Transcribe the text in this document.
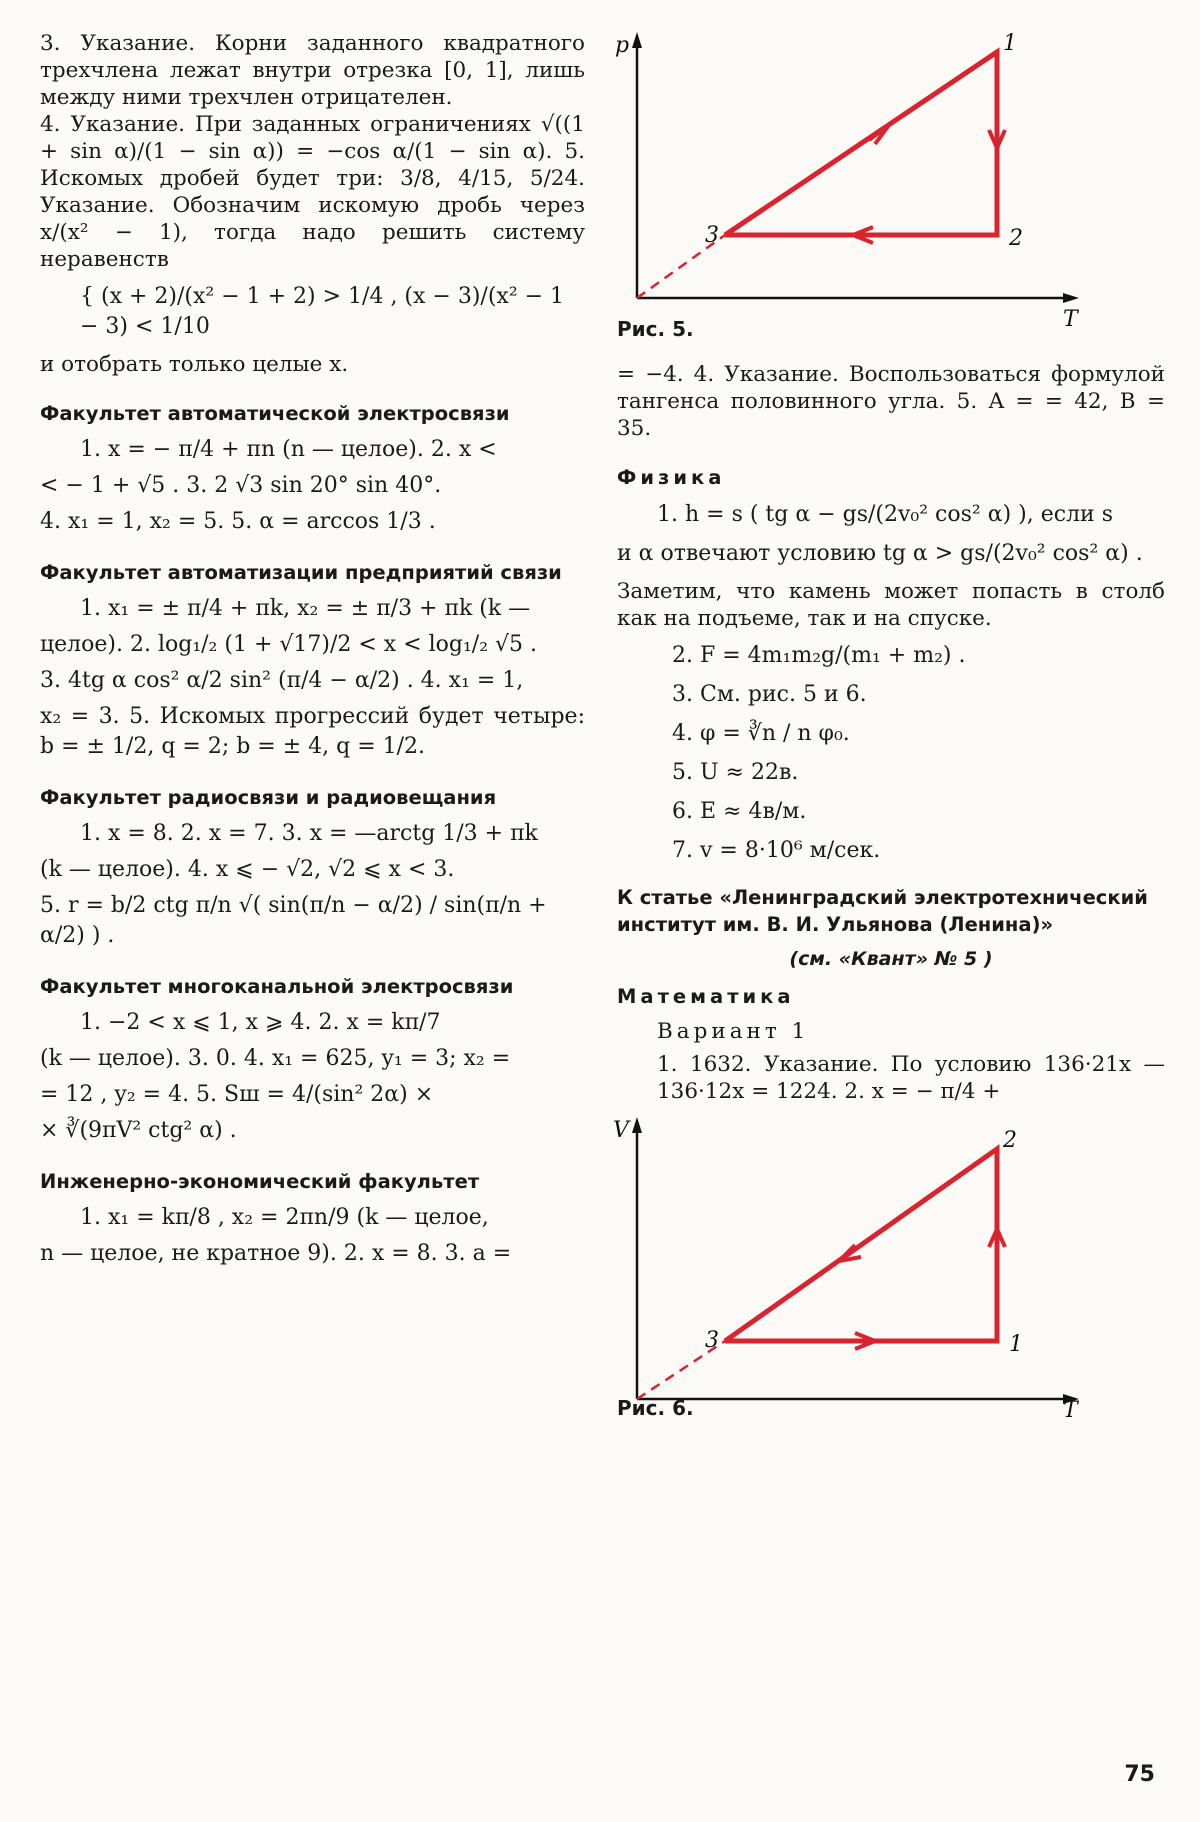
3. Указание. Корни заданного квадратного трехчлена лежат внутри отрезка [0, 1], лишь между ними трехчлен отрицателен.

4. Указание. При заданных ограничениях √((1 + sin α)/(1 − sin α)) = −cos α/(1 − sin α). 5. Искомых дробей будет три: 3/8, 4/15, 5/24. Указание. Обозначим искомую дробь через x/(x² − 1), тогда надо решить систему неравенств

{ (x + 2)/(x² − 1 + 2) > 1/4 , (x − 3)/(x² − 1 − 3) < 1/10

и отобрать только целые x.

Факультет автоматической электросвязи
1. x = − π/4 + πn (n — целое). 2. x <
< − 1 + √5 . 3. 2 √3 sin 20° sin 40°.
4. x₁ = 1, x₂ = 5. 5. α = arccos 1/3 .
Факультет автоматизации предприятий связи
1. x₁ = ± π/4 + πk, x₂ = ± π/3 + πk (k —
целое). 2. log₁/₂ (1 + √17)/2 < x < log₁/₂ √5 .
3. 4tg α cos² α/2 sin² (π/4 − α/2) . 4. x₁ = 1,

x₂ = 3. 5. Искомых прогрессий будет четыре: b = ± 1/2, q = 2; b = ± 4, q = 1/2.

Факультет радиосвязи и радиовещания
1. x = 8. 2. x = 7. 3. x = —arctg 1/3 + πk
(k — целое). 4. x ⩽ − √2, √2 ⩽ x < 3.
5. r = b/2 ctg π/n √( sin(π/n − α/2) / sin(π/n + α/2) ) .
Факультет многоканальной электросвязи
1. −2 < x ⩽ 1, x ⩾ 4. 2. x = kπ/7
(k — целое). 3. 0. 4. x₁ = 625, y₁ = 3; x₂ =
= 12 , y₂ = 4. 5. Sш = 4/(sin² 2α) ×
× ∛(9πV² ctg² α) .
Инженерно-экономический факультет
1. x₁ = kπ/8 , x₂ = 2πn/9 (k — целое,
n — целое, не кратное 9). 2. x = 8. 3. a =
p
T
1
2
3
Рис. 5.

= −4. 4. Указание. Воспользоваться формулой тангенса половинного угла. 5. A = = 42, B = 35.

Физика
1. h = s ( tg α − gs/(2v₀² cos² α) ), если s
и α отвечают условию tg α > gs/(2v₀² cos² α) .

Заметим, что камень может попасть в столб как на подъеме, так и на спуске.

2. F = 4m₁m₂g/(m₁ + m₂) .
3. См. рис. 5 и 6.
4. φ = ∛n / n φ₀.
5. U ≈ 22в.
6. E ≈ 4в/м.
7. v = 8·10⁶ м/сек.
К статье «Ленинградский электротехнический институт им. В. И. Ульянова (Ленина)»
(см. «Квант» № 5 )
Математика
Вариант 1

1. 1632. Указание. По условию 136·21x — 136·12x = 1224. 2. x = − π/4 +

V
T
1
2
3
Рис. 6.
75
